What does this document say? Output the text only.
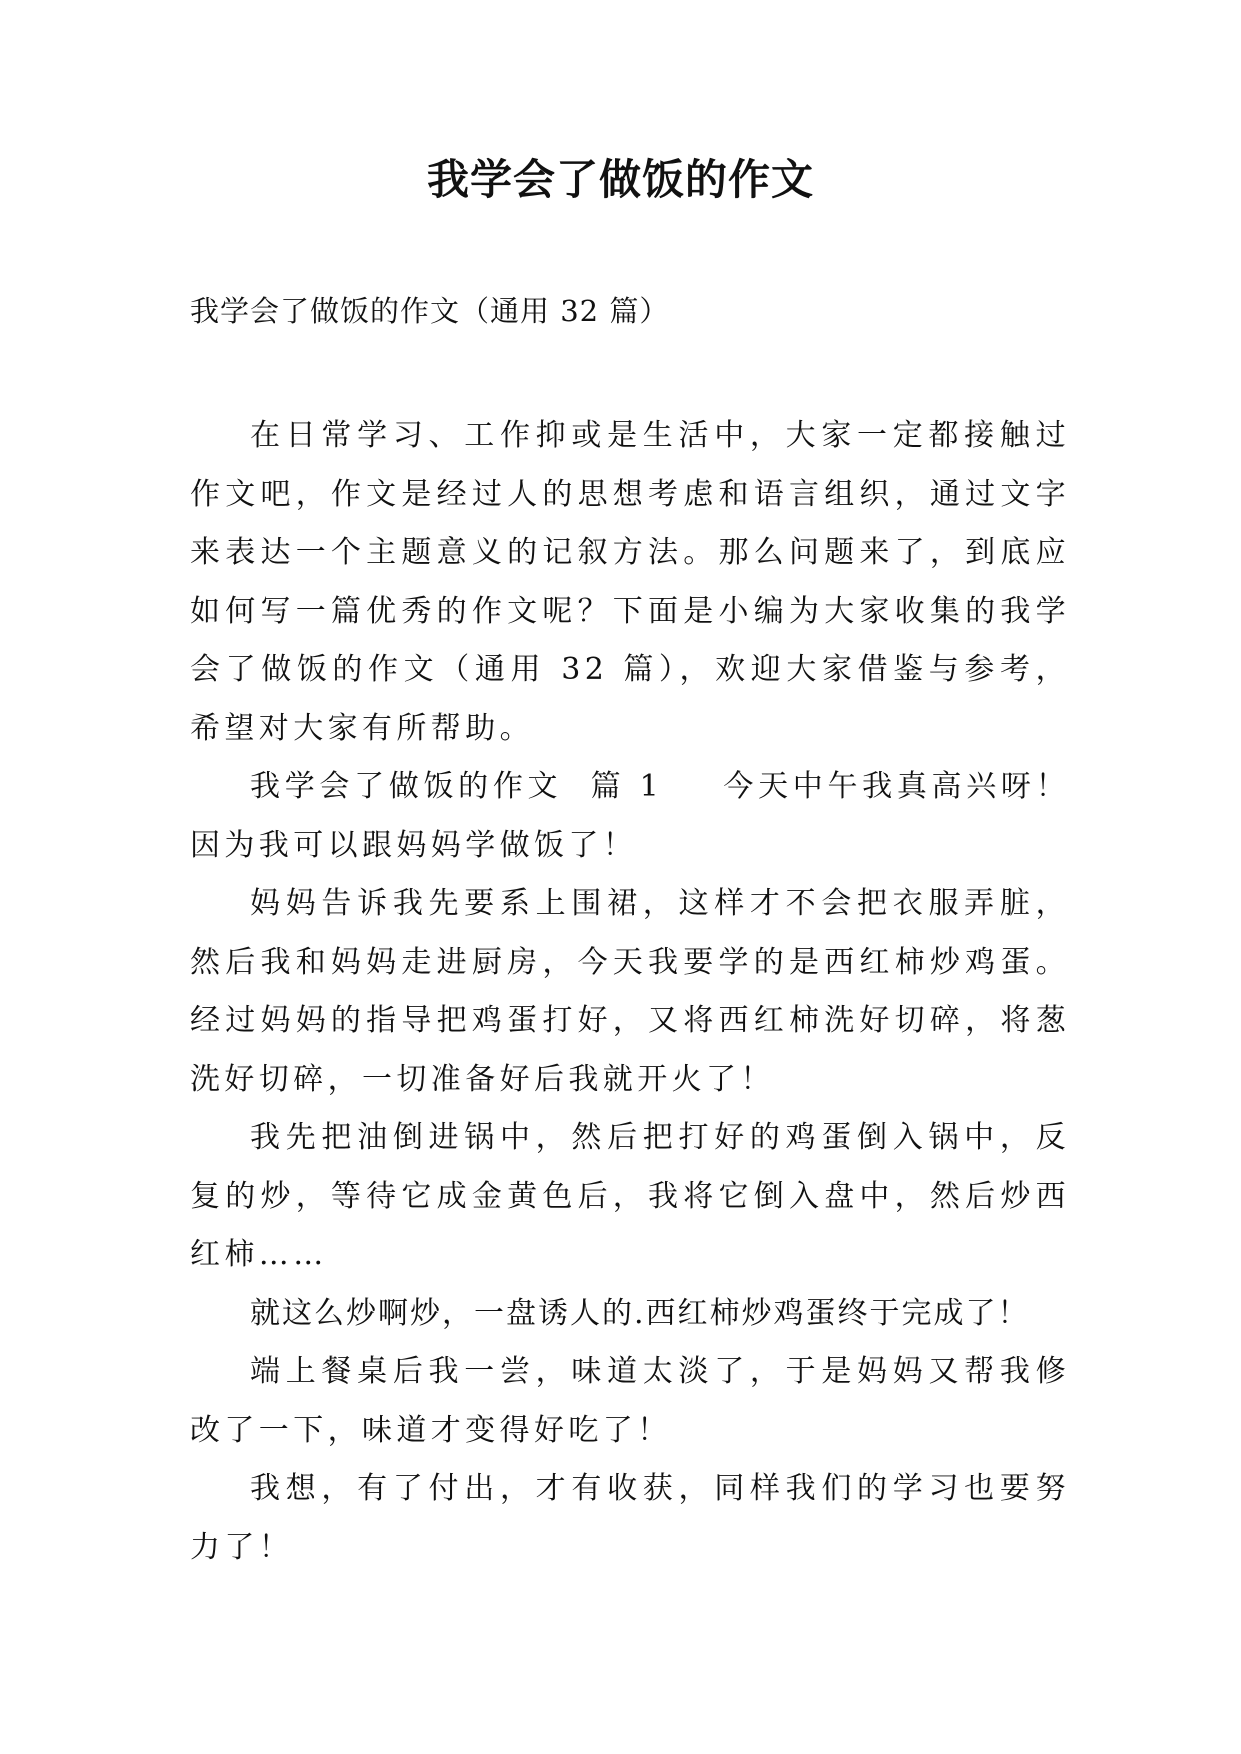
我学会了做饭的作文

我学会了做饭的作文（通用 32 篇）

在日常学习、工作抑或是生活中，大家一定都接触过作文吧，作文是经过人的思想考虑和语言组织，通过文字来表达一个主题意义的记叙方法。那么问题来了，到底应如何写一篇优秀的作文呢？下面是小编为大家收集的我学会了做饭的作文（通用 32 篇），欢迎大家借鉴与参考，希望对大家有所帮助。

我学会了做饭的作文  篇 1 今天中午我真高兴呀！因为我可以跟妈妈学做饭了！

妈妈告诉我先要系上围裙，这样才不会把衣服弄脏，然后我和妈妈走进厨房，今天我要学的是西红柿炒鸡蛋。经过妈妈的指导把鸡蛋打好，又将西红柿洗好切碎，将葱洗好切碎，一切准备好后我就开火了！

我先把油倒进锅中，然后把打好的鸡蛋倒入锅中，反复的炒，等待它成金黄色后，我将它倒入盘中，然后炒西红柿……

就这么炒啊炒，一盘诱人的.西红柿炒鸡蛋终于完成了！

端上餐桌后我一尝，味道太淡了，于是妈妈又帮我修改了一下，味道才变得好吃了！

我想，有了付出，才有收获，同样我们的学习也要努力了！
